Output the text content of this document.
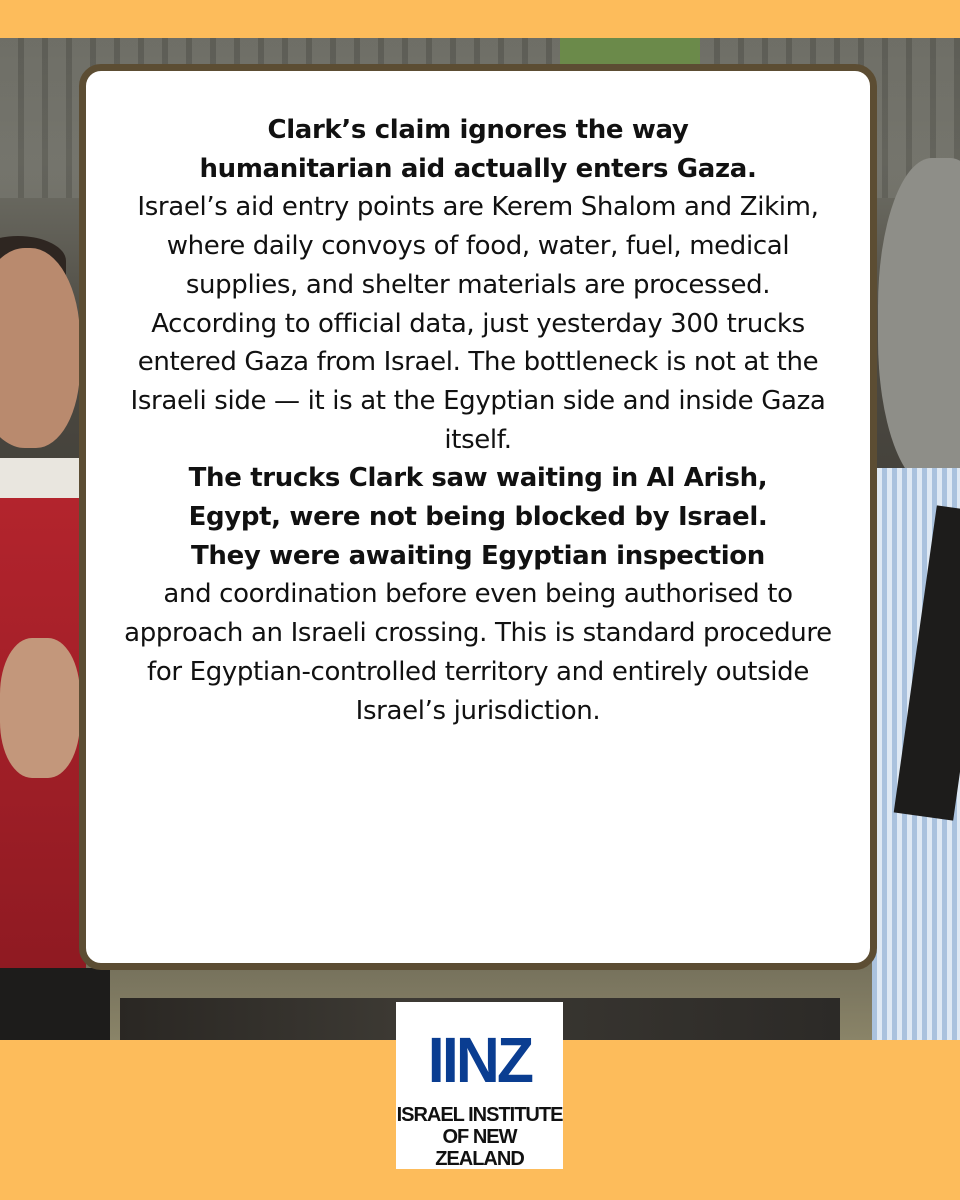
Clark’s claim ignores the way
humanitarian aid actually enters Gaza.

Israel’s aid entry points are Kerem Shalom and Zikim, where daily convoys of food, water, fuel, medical supplies, and shelter materials are processed.

According to official data, just yesterday 300 trucks entered Gaza from Israel. The bottleneck is not at the Israeli side — it is at the Egyptian side and inside Gaza itself.

The trucks Clark saw waiting in Al Arish,
Egypt, were not being blocked by Israel.
They were awaiting Egyptian inspection

and coordination before even being authorised to approach an Israeli crossing. This is standard procedure for Egyptian-controlled territory and entirely outside Israel’s jurisdiction.

IINZ
ISRAEL INSTITUTE
OF NEW ZEALAND
